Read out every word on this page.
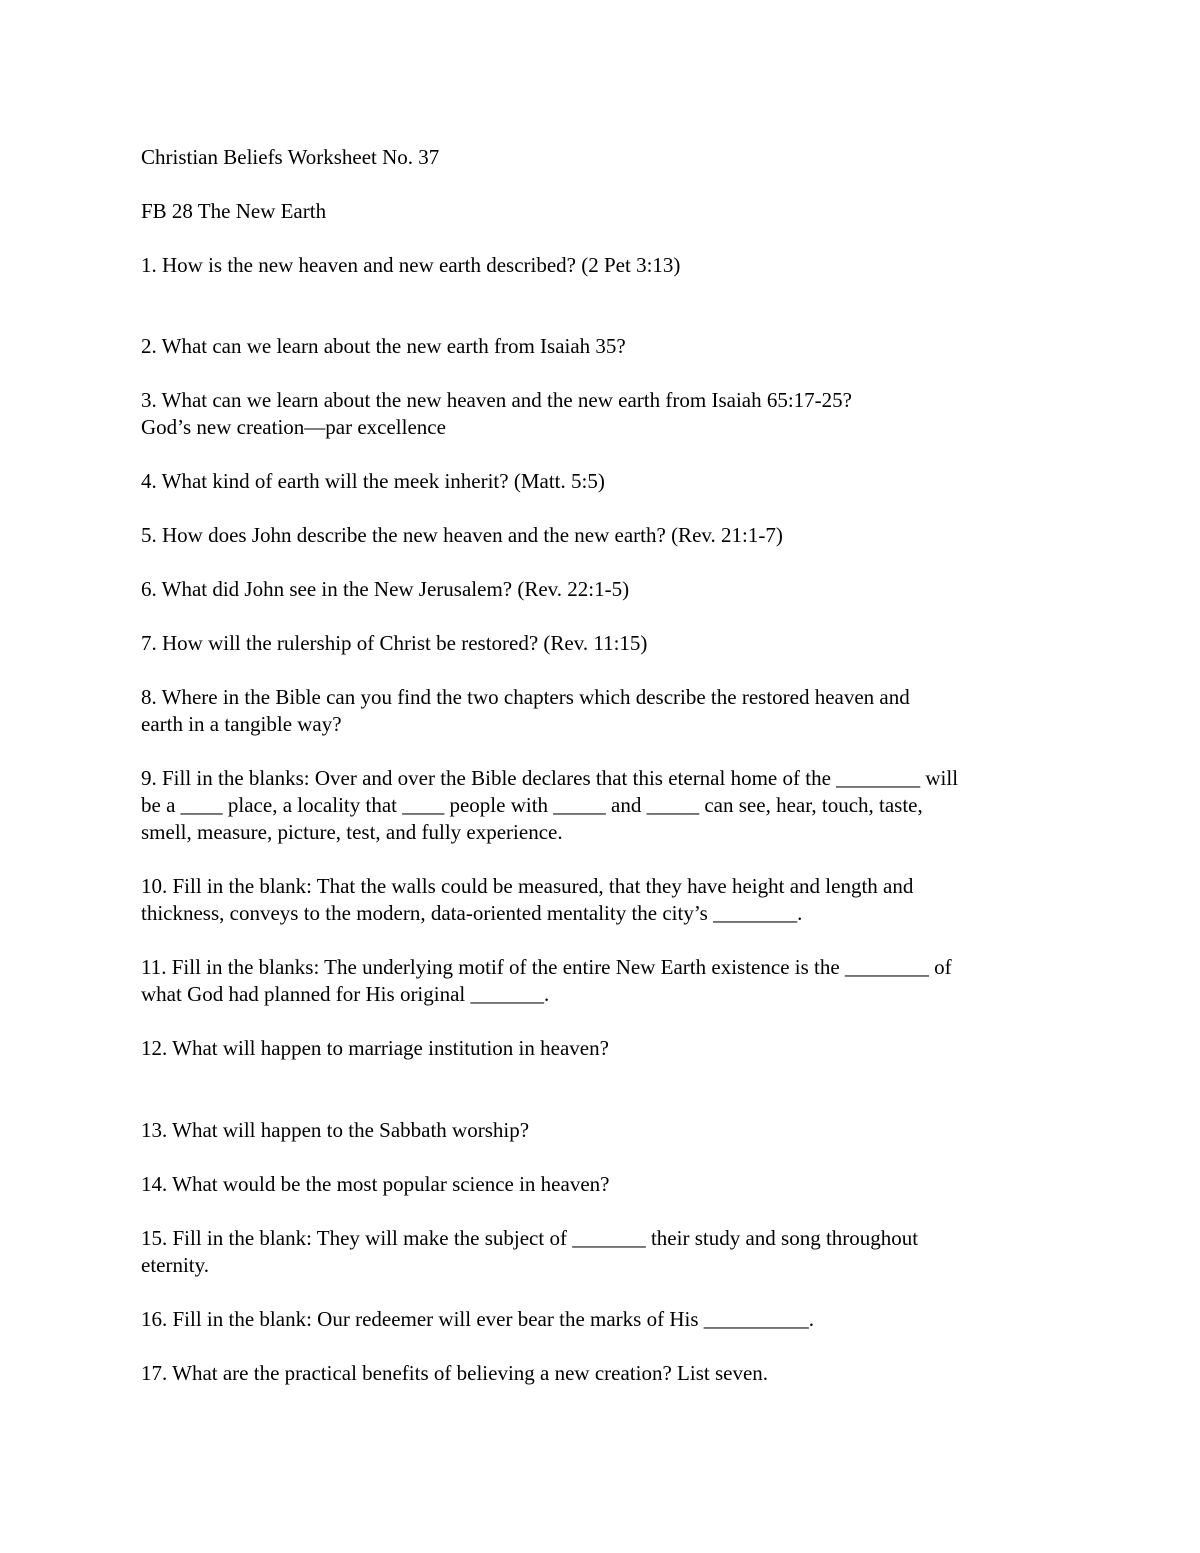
Christian Beliefs Worksheet No. 37
FB 28 The New Earth
1. How is the new heaven and new earth described? (2 Pet 3:13)
2. What can we learn about the new earth from Isaiah 35?
3. What can we learn about the new heaven and the new earth from Isaiah 65:17-25?
God’s new creation—par excellence
4. What kind of earth will the meek inherit? (Matt. 5:5)
5. How does John describe the new heaven and the new earth? (Rev. 21:1-7)
6. What did John see in the New Jerusalem? (Rev. 22:1-5)
7. How will the rulership of Christ be restored? (Rev. 11:15)
8. Where in the Bible can you find the two chapters which describe the restored heaven and
earth in a tangible way?
9. Fill in the blanks: Over and over the Bible declares that this eternal home of the ________ will
be a ____ place, a locality that ____ people with _____ and _____ can see, hear, touch, taste,
smell, measure, picture, test, and fully experience.
10. Fill in the blank: That the walls could be measured, that they have height and length and
thickness, conveys to the modern, data-oriented mentality the city’s ________.
11. Fill in the blanks: The underlying motif of the entire New Earth existence is the ________ of
what God had planned for His original _______.
12. What will happen to marriage institution in heaven?
13. What will happen to the Sabbath worship?
14. What would be the most popular science in heaven?
15. Fill in the blank: They will make the subject of _______ their study and song throughout
eternity.
16. Fill in the blank: Our redeemer will ever bear the marks of His __________.
17. What are the practical benefits of believing a new creation? List seven.
